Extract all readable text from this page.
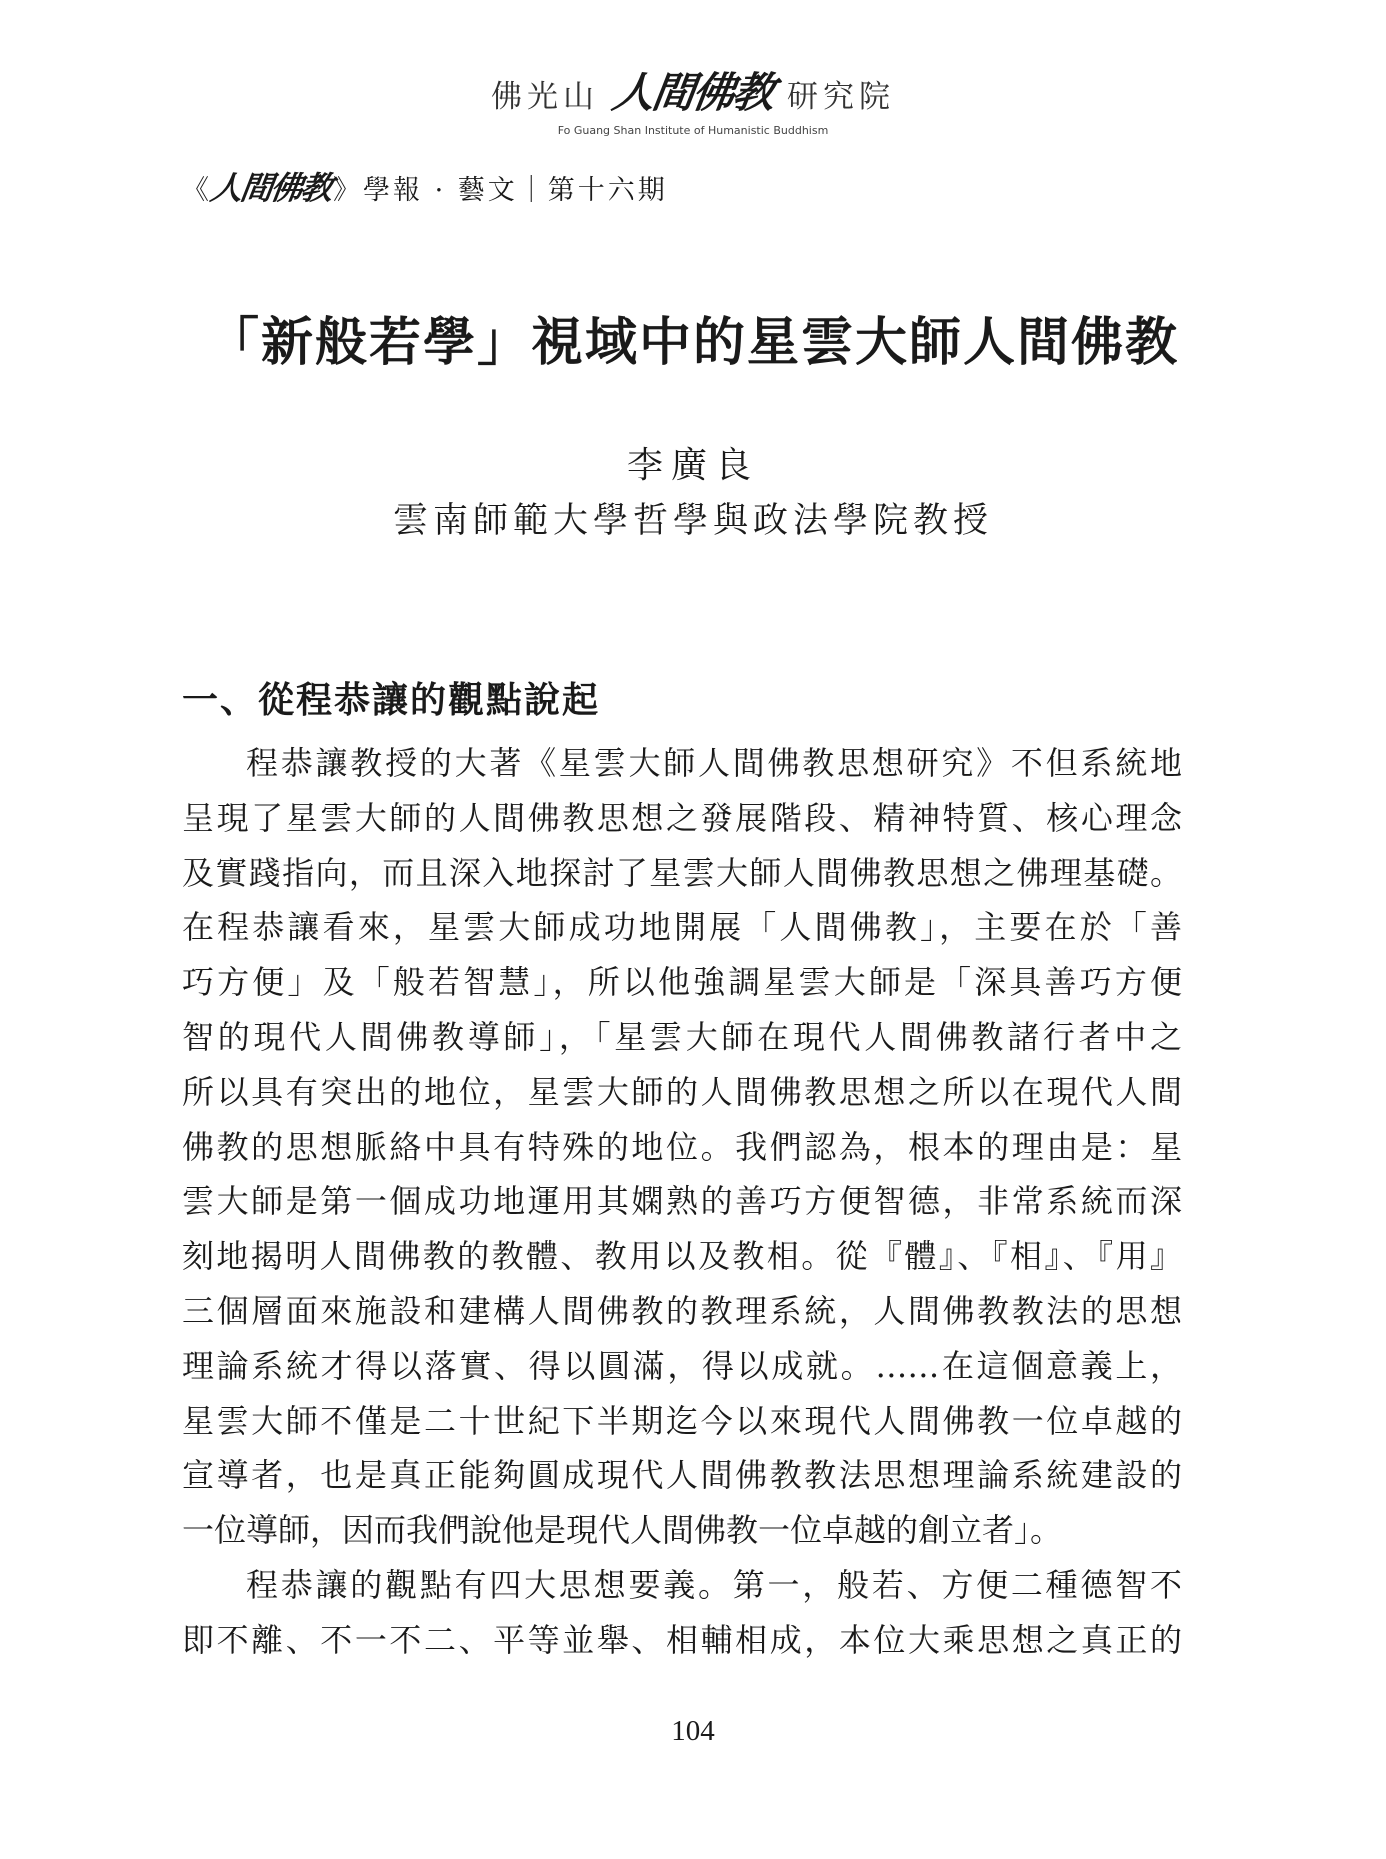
佛光山 人間佛教 研究院
Fo Guang Shan Institute of Humanistic Buddhism
《 人間佛教 》學報 · 藝文｜第十六期
「新般若學」視域中的星雲大師人間佛教
李廣良
雲南師範大學哲學與政法學院教授
一、從程恭讓的觀點說起
程恭讓教授的大著《星雲大師人間佛教思想研究》不但系統地
呈現了星雲大師的人間佛教思想之發展階段、精神特質、核心理念
及實踐指向，而且深入地探討了星雲大師人間佛教思想之佛理基礎。
在程恭讓看來，星雲大師成功地開展「人間佛教」，主要在於「善
巧方便」及「般若智慧」，所以他強調星雲大師是「深具善巧方便
智的現代人間佛教導師」，「星雲大師在現代人間佛教諸行者中之
所以具有突出的地位，星雲大師的人間佛教思想之所以在現代人間
佛教的思想脈絡中具有特殊的地位。我們認為，根本的理由是：星
雲大師是第一個成功地運用其嫻熟的善巧方便智德，非常系統而深
刻地揭明人間佛教的教體、教用以及教相。從『體』、『相』、『用』
三個層面來施設和建構人間佛教的教理系統，人間佛教教法的思想
理論系統才得以落實、得以圓滿，得以成就。……在這個意義上，
星雲大師不僅是二十世紀下半期迄今以來現代人間佛教一位卓越的
宣導者，也是真正能夠圓成現代人間佛教教法思想理論系統建設的
一位導師，因而我們說他是現代人間佛教一位卓越的創立者」。
程恭讓的觀點有四大思想要義。第一，般若、方便二種德智不
即不離、不一不二、平等並舉、相輔相成，本位大乘思想之真正的
104
